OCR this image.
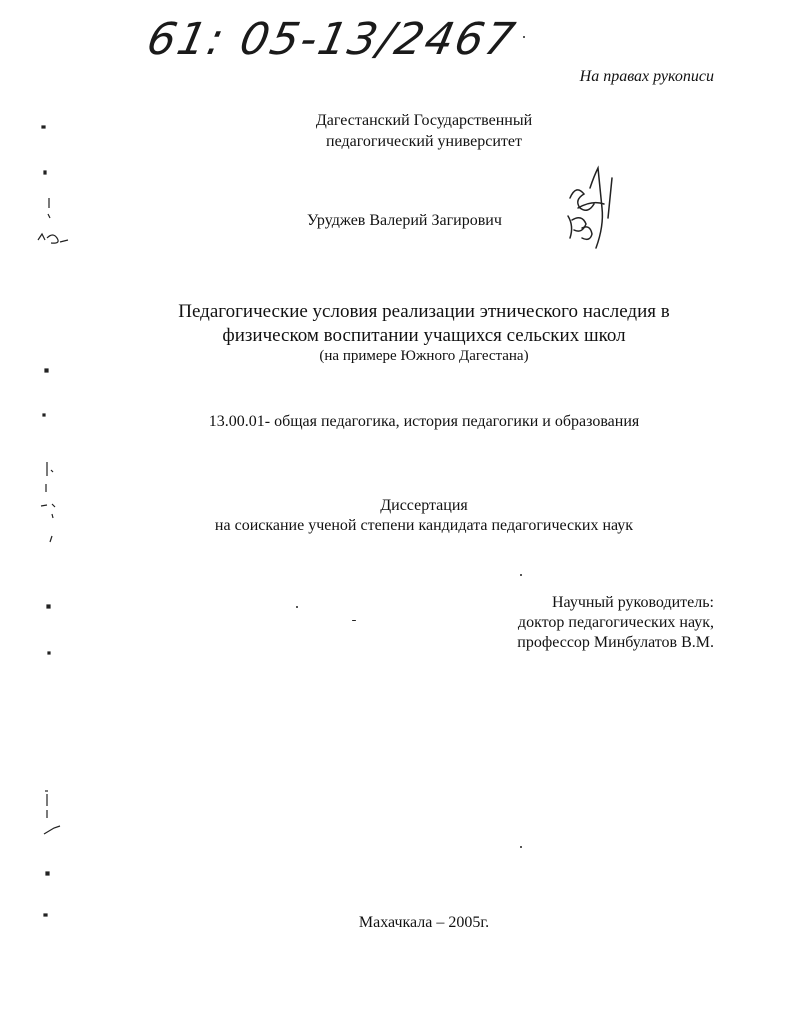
61: 05-13/2467
На правах рукописи
Дагестанский Государственный
педагогический университет
Уруджев Валерий Загирович
Педагогические условия реализации этнического наследия в
физическом воспитании учащихся сельских школ
(на примере Южного Дагестана)
13.00.01- общая педагогика, история педагогики и образования
Диссертация
на соискание ученой степени кандидата педагогических наук
Научный руководитель:
доктор педагогических наук,
профессор Минбулатов В.М.
Махачкала – 2005г.
